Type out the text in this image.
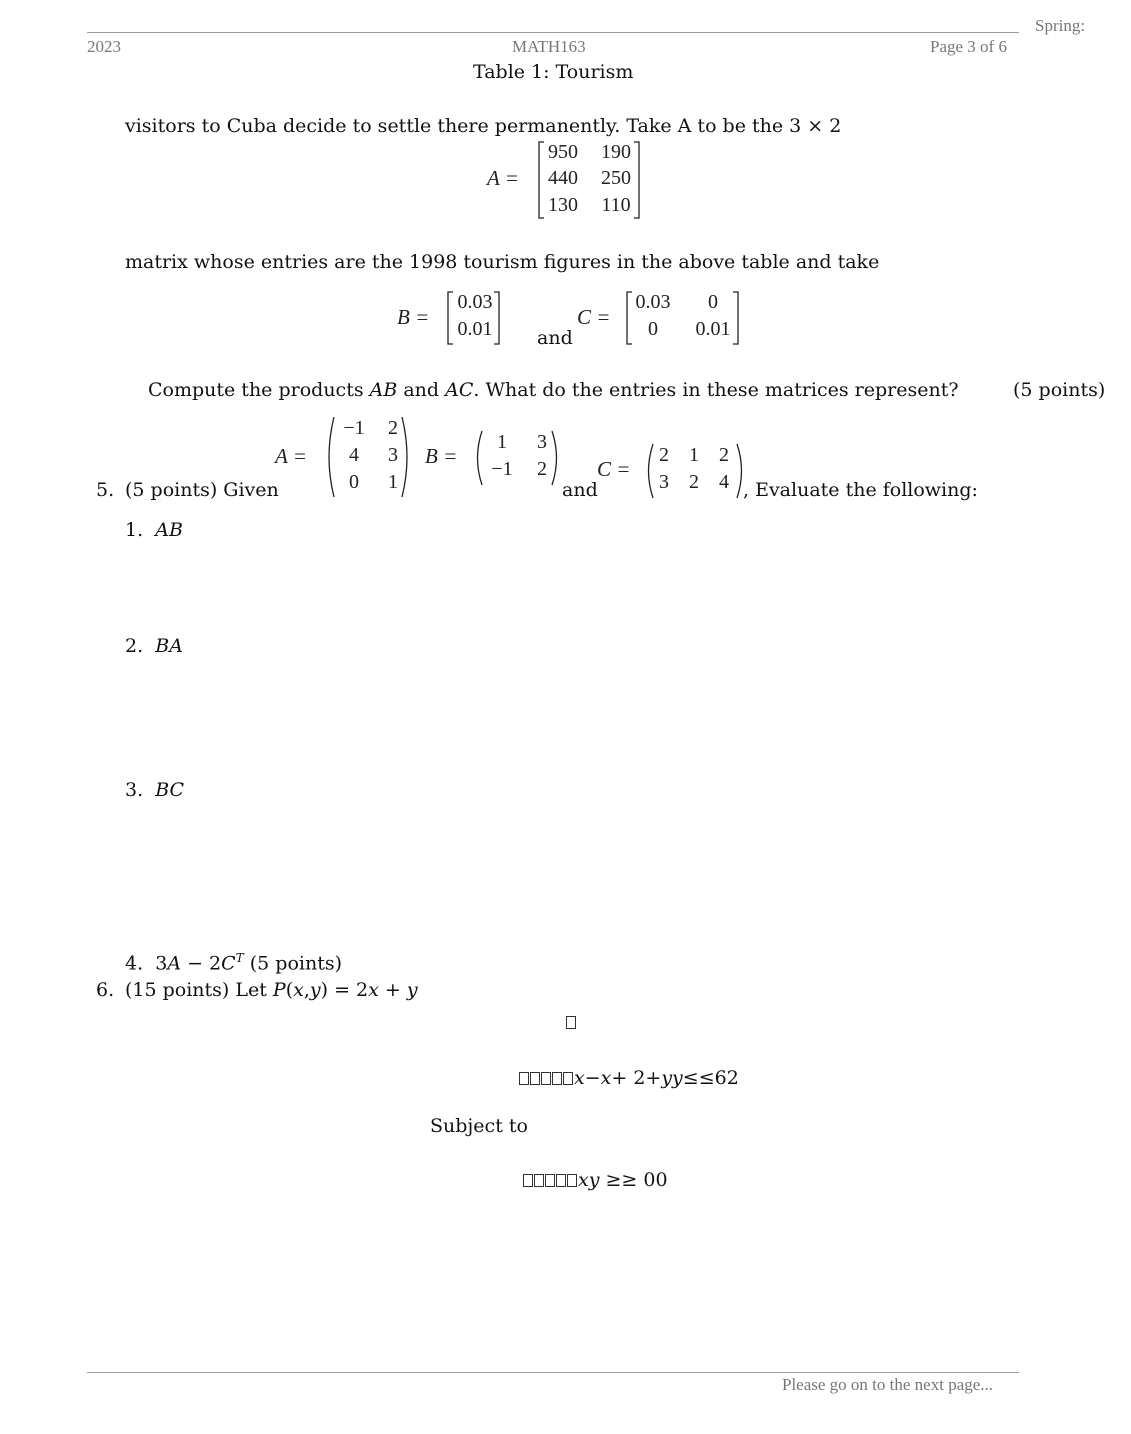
Spring:
2023	MATH163	Page 3 of 6
Table 1: Tourism
visitors to Cuba decide to settle there permanently. Take A to be the 3 × 2
A =
950 190
440 250
130 110
matrix whose entries are the 1998 tourism figures in the above table and take
B =
0.03
0.01	and
C =
0.03	0
0	0.01
Compute the products AB and AC. What do the entries in these matrices represent?	(5 points)
A =
−1	2
4	3
0	1
B =
1	3
−1	2
and
C =
2	1	2
3	2	4
5. (5 points) Given	, Evaluate the following:
1. AB
2. BA
3. BC
4. $3A - 2C^T$ (5 points)
6. (15 points) Let P(x,y) = 2x + y
x−x+ 2+yy≤≤62
Subject to
xy ≥≥ 00
Please go on to the next page...
